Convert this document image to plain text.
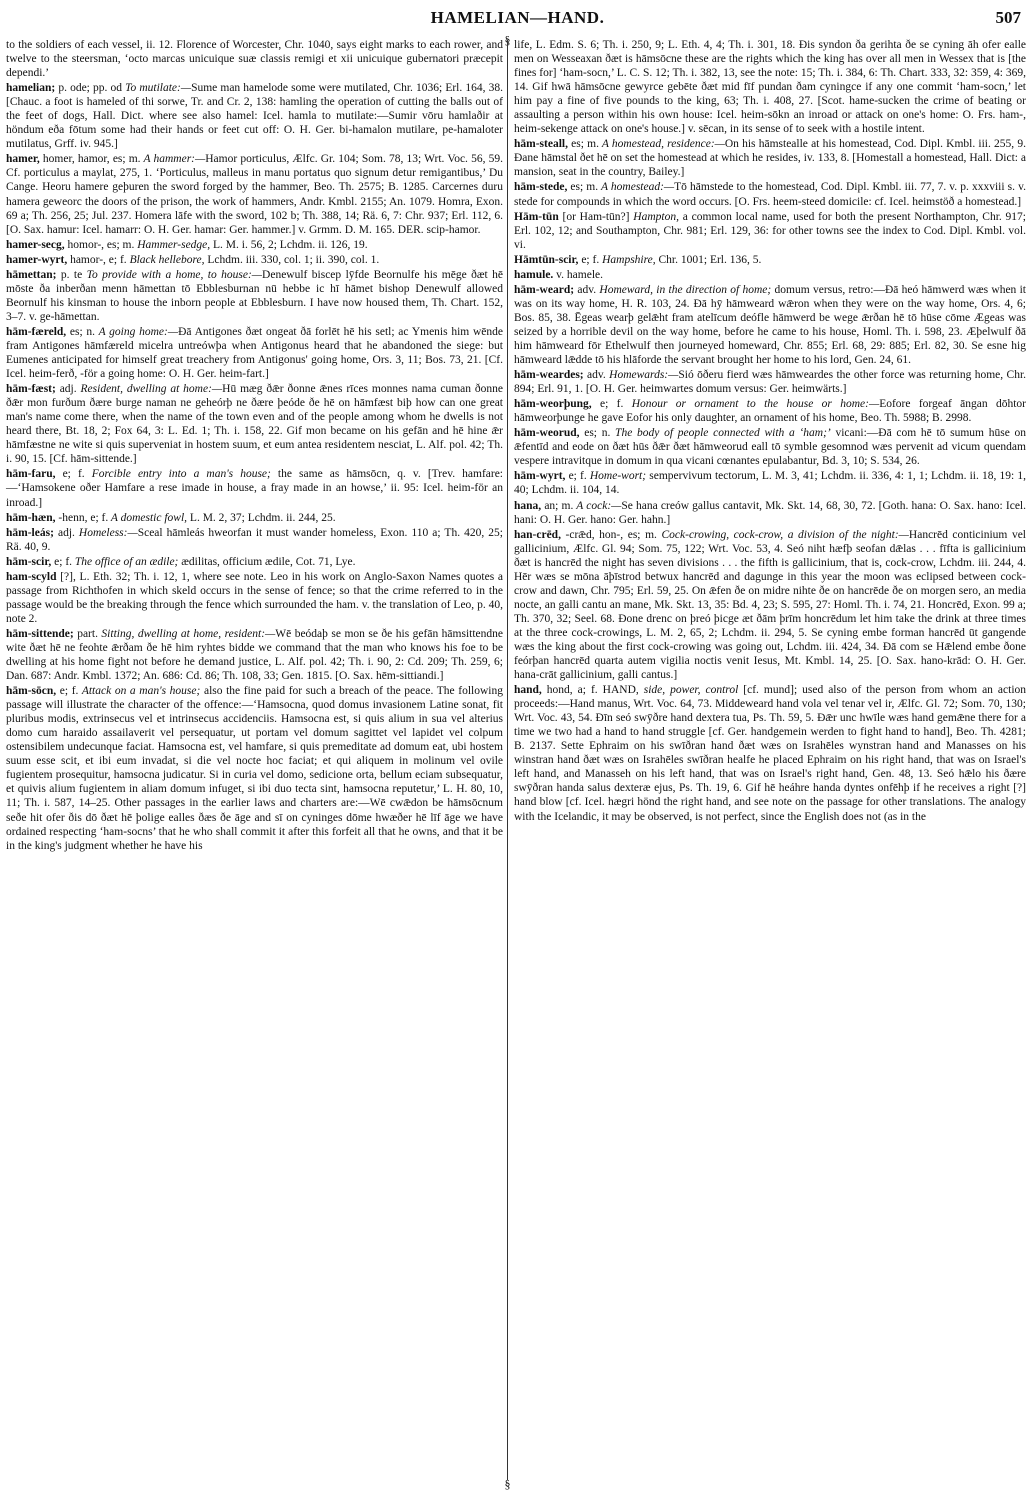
HAMELIAN—HAND.	507
§
§
to the soldiers of each vessel, ii. 12. Florence of Worcester, Chr. 1040, says eight marks to each rower, and twelve to the steersman, ‘octo marcas unicuique suæ classis remigi et xii unicuique gubernatori præcepit dependi.’
hamelian; p. ode; pp. od To mutilate:—Sume man hamelode some were mutilated, Chr. 1036; Erl. 164, 38. [Chauc. a foot is hameled of thi sorwe, Tr. and Cr. 2, 138: hamling the operation of cutting the balls out of the feet of dogs, Hall. Dict. where see also hamel: Icel. hamla to mutilate:—Sumir vōru hamlaðir at höndum eða fōtum some had their hands or feet cut off: O. H. Ger. bi-hamalon mutilare, pe-hamaloter mutilatus, Grff. iv. 945.]
hamer, homer, hamor, es; m. A hammer:—Hamor porticulus, Ælfc. Gr. 104; Som. 78, 13; Wrt. Voc. 56, 59. Cf. porticulus a maylat, 275, 1. ‘Porticulus, malleus in manu portatus quo signum detur remigantibus,’ Du Cange. Heoru hamere geþuren the sword forged by the hammer, Beo. Th. 2575; B. 1285. Carcernes duru hamera geweorc the doors of the prison, the work of hammers, Andr. Kmbl. 2155; An. 1079. Homra, Exon. 69 a; Th. 256, 25; Jul. 237. Homera lāfe with the sword, 102 b; Th. 388, 14; Rä. 6, 7: Chr. 937; Erl. 112, 6. [O. Sax. hamur: Icel. hamarr: O. H. Ger. hamar: Ger. hammer.] v. Grmm. D. M. 165. DER. scip-hamor.
hamer-secg, homor-, es; m. Hammer-sedge, L. M. i. 56, 2; Lchdm. ii. 126, 19.
hamer-wyrt, hamor-, e; f. Black hellebore, Lchdm. iii. 330, col. 1; ii. 390, col. 1.
hāmettan; p. te To provide with a home, to house:—Denewulf biscep lȳfde Beornulfe his mēge ðæt hē mōste ða inberðan menn hāmettan tō Ebblesburnan nū hebbe ic hī hāmet bishop Denewulf allowed Beornulf his kinsman to house the inborn people at Ebblesburn. I have now housed them, Th. Chart. 152, 3–7. v. ge-hāmettan.
hām-færeld, es; n. A going home:—Ðā Antigones ðæt ongeat ðā forlēt hē his setl; ac Ymenis him wēnde fram Antigones hāmfæreld micelra untreówþa when Antigonus heard that he abandoned the siege: but Eumenes anticipated for himself great treachery from Antigonus' going home, Ors. 3, 11; Bos. 73, 21. [Cf. Icel. heim-ferð, -för a going home: O. H. Ger. heim-fart.]
hām-fæst; adj. Resident, dwelling at home:—Hū mæg ðǣr ðonne ǣnes rīces monnes nama cuman ðonne ðǣr mon furðum ðære burge naman ne geheórþ ne ðære þeóde ðe hē on hāmfæst biþ how can one great man's name come there, when the name of the town even and of the people among whom he dwells is not heard there, Bt. 18, 2; Fox 64, 3: L. Ed. 1; Th. i. 158, 22. Gif mon became on his gefān and hē hine ǣr hāmfæstne ne wite si quis superveniat in hostem suum, et eum antea residentem nesciat, L. Alf. pol. 42; Th. i. 90, 15. [Cf. hām-sittende.]
hām-faru, e; f. Forcible entry into a man's house; the same as hāmsōcn, q. v. [Trev. hamfare:—‘Hamsokene oðer Hamfare a rese imade in house, a fray made in an howse,’ ii. 95: Icel. heim-för an inroad.]
hām-hæn, -henn, e; f. A domestic fowl, L. M. 2, 37; Lchdm. ii. 244, 25.
hām-leás; adj. Homeless:—Sceal hāmleás hweorfan it must wander homeless, Exon. 110 a; Th. 420, 25; Rä. 40, 9.
hām-scir, e; f. The office of an ædile; ædilitas, officium ædile, Cot. 71, Lye.
ham-scyld [?], L. Eth. 32; Th. i. 12, 1, where see note. Leo in his work on Anglo-Saxon Names quotes a passage from Richthofen in which skeld occurs in the sense of fence; so that the crime referred to in the passage would be the breaking through the fence which surrounded the ham. v. the translation of Leo, p. 40, note 2.
hām-sittende; part. Sitting, dwelling at home, resident:—Wē beódaþ se mon se ðe his gefān hāmsittendne wite ðæt hē ne feohte ǣrðam ðe hē him ryhtes bidde we command that the man who knows his foe to be dwelling at his home fight not before he demand justice, L. Alf. pol. 42; Th. i. 90, 2: Cd. 209; Th. 259, 6; Dan. 687: Andr. Kmbl. 1372; An. 686: Cd. 86; Th. 108, 33; Gen. 1815. [O. Sax. hēm-sittiandi.]
hām-sōcn, e; f. Attack on a man's house; also the fine paid for such a breach of the peace. The following passage will illustrate the character of the offence:—‘Hamsocna, quod domus invasionem Latine sonat, fit pluribus modis, extrinsecus vel et intrinsecus accidenciis. Hamsocna est, si quis alium in sua vel alterius domo cum haraido assailaverit vel persequatur, ut portam vel domum sagittet vel lapidet vel colpum ostensibilem undecunque faciat. Hamsocna est, vel hamfare, si quis premeditate ad domum eat, ubi hostem suum esse scit, et ibi eum invadat, si die vel nocte hoc faciat; et qui aliquem in molinum vel ovile fugientem prosequitur, hamsocna judicatur. Si in curia vel domo, sedicione orta, bellum eciam subsequatur, et quivis alium fugientem in aliam domum infuget, si ibi duo tecta sint, hamsocna reputetur,’ L. H. 80, 10, 11; Th. i. 587, 14–25. Other passages in the earlier laws and charters are:—Wē cwǣdon be hāmsōcnum seðe hit ofer ðis dō ðæt hē þolige ealles ðæs ðe āge and sī on cyninges dōme hwæðer hē līf āge we have ordained respecting ‘ham-socns’ that he who shall commit it after this forfeit all that he owns, and that it be in the king's judgment whether he have his
life, L. Edm. S. 6; Th. i. 250, 9; L. Eth. 4, 4; Th. i. 301, 18. Ðis syndon ða gerihta ðe se cyning āh ofer ealle men on Wesseaxan ðæt is hāmsōcne these are the rights which the king has over all men in Wessex that is [the fines for] ‘ham-socn,’ L. C. S. 12; Th. i. 382, 13, see the note: 15; Th. i. 384, 6: Th. Chart. 333, 32: 359, 4: 369, 14. Gif hwā hāmsōcne gewyrce gebēte ðæt mid fīf pundan ðam cyningce if any one commit ‘ham-socn,’ let him pay a fine of five pounds to the king, 63; Th. i. 408, 27. [Scot. hame-sucken the crime of beating or assaulting a person within his own house: Icel. heim-sōkn an inroad or attack on one's home: O. Frs. ham-, heim-sekenge attack on one's house.] v. sēcan, in its sense of to seek with a hostile intent.
hām-steall, es; m. A homestead, residence:—On his hāmstealle at his homestead, Cod. Dipl. Kmbl. iii. 255, 9. Ðane hāmstal ðet hē on set the homestead at which he resides, iv. 133, 8. [Homestall a homestead, Hall. Dict: a mansion, seat in the country, Bailey.]
hām-stede, es; m. A homestead:—Tō hāmstede to the homestead, Cod. Dipl. Kmbl. iii. 77, 7. v. p. xxxviii s. v. stede for compounds in which the word occurs. [O. Frs. heem-steed domicile: cf. Icel. heimstöð a homestead.]
Hām-tūn [or Ham-tūn?] Hampton, a common local name, used for both the present Northampton, Chr. 917; Erl. 102, 12; and Southampton, Chr. 981; Erl. 129, 36: for other towns see the index to Cod. Dipl. Kmbl. vol. vi.
Hāmtūn-scir, e; f. Hampshire, Chr. 1001; Erl. 136, 5.
hamule. v. hamele.
hām-weard; adv. Homeward, in the direction of home; domum versus, retro:—Ðā heó hāmwerd wæs when it was on its way home, H. R. 103, 24. Ðā hȳ hāmweard wǣron when they were on the way home, Ors. 4, 6; Bos. 85, 38. Ēgeas wearþ gelǣht fram atelīcum deófle hāmwerd be wege ǣrðan hē tō hūse cōme Ægeas was seized by a horrible devil on the way home, before he came to his house, Homl. Th. i. 598, 23. Æþelwulf ðā him hāmweard fōr Ethelwulf then journeyed homeward, Chr. 855; Erl. 68, 29: 885; Erl. 82, 30. Se esne hig hāmweard lǣdde tō his hlāforde the servant brought her home to his lord, Gen. 24, 61.
hām-weardes; adv. Homewards:—Sió ōðeru fierd wæs hāmweardes the other force was returning home, Chr. 894; Erl. 91, 1. [O. H. Ger. heimwartes domum versus: Ger. heimwärts.]
hām-weorþung, e; f. Honour or ornament to the house or home:—Eofore forgeaf āngan dōhtor hāmweorþunge he gave Eofor his only daughter, an ornament of his home, Beo. Th. 5988; B. 2998.
hām-weorud, es; n. The body of people connected with a ‘ham;’ vicani:—Ðā com hē tō sumum hūse on ǣfentīd and eode on ðæt hūs ðǣr ðæt hāmweorud eall tō symble gesomnod wæs pervenit ad vicum quendam vespere intravitque in domum in qua vicani cœnantes epulabantur, Bd. 3, 10; S. 534, 26.
hām-wyrt, e; f. Home-wort; sempervivum tectorum, L. M. 3, 41; Lchdm. ii. 336, 4: 1, 1; Lchdm. ii. 18, 19: 1, 40; Lchdm. ii. 104, 14.
hana, an; m. A cock:—Se hana creów gallus cantavit, Mk. Skt. 14, 68, 30, 72. [Goth. hana: O. Sax. hano: Icel. hani: O. H. Ger. hano: Ger. hahn.]
han-crēd, -crǣd, hon-, es; m. Cock-crowing, cock-crow, a division of the night:—Hancrēd conticinium vel gallicinium, Ælfc. Gl. 94; Som. 75, 122; Wrt. Voc. 53, 4. Seó niht hæfþ seofan dǣlas . . . fīfta is gallicinium ðæt is hancrēd the night has seven divisions . . . the fifth is gallicinium, that is, cock-crow, Lchdm. iii. 244, 4. Hēr wæs se mōna āþīstrod betwux hancrēd and dagunge in this year the moon was eclipsed between cock-crow and dawn, Chr. 795; Erl. 59, 25. On ǣfen ðe on midre nihte ðe on hancrēde ðe on morgen sero, an media nocte, an galli cantu an mane, Mk. Skt. 13, 35: Bd. 4, 23; S. 595, 27: Homl. Th. i. 74, 21. Honcrēd, Exon. 99 a; Th. 370, 32; Seel. 68. Ðone drenc on þreó þicge æt ðām þrīm honcrēdum let him take the drink at three times at the three cock-crowings, L. M. 2, 65, 2; Lchdm. ii. 294, 5. Se cyning embe forman hancrēd ūt gangende wæs the king about the first cock-crowing was going out, Lchdm. iii. 424, 34. Ðā com se Hǣlend embe ðone feórþan hancrēd quarta autem vigilia noctis venit Iesus, Mt. Kmbl. 14, 25. [O. Sax. hano-krād: O. H. Ger. hana-crāt gallicinium, galli cantus.]
hand, hond, a; f. HAND, side, power, control [cf. mund]; used also of the person from whom an action proceeds:—Hand manus, Wrt. Voc. 64, 73. Middeweard hand vola vel tenar vel ir, Ælfc. Gl. 72; Som. 70, 130; Wrt. Voc. 43, 54. Ðīn seó swȳðre hand dextera tua, Ps. Th. 59, 5. Ðǣr unc hwīle wæs hand gemǣne there for a time we two had a hand to hand struggle [cf. Ger. handgemein werden to fight hand to hand], Beo. Th. 4281; B. 2137. Sette Ephraim on his swīðran hand ðæt wæs on Israhēles wynstran hand and Manasses on his winstran hand ðæt wæs on Israhēles swīðran healfe he placed Ephraim on his right hand, that was on Israel's left hand, and Manasseh on his left hand, that was on Israel's right hand, Gen. 48, 13. Seó hǣlo his ðære swȳðran handa salus dexteræ ejus, Ps. Th. 19, 6. Gif hē heáhre handa dyntes onfēhþ if he receives a right [?] hand blow [cf. Icel. hægri hönd the right hand, and see note on the passage for other translations. The analogy with the Icelandic, it may be observed, is not perfect, since the English does not (as in the
